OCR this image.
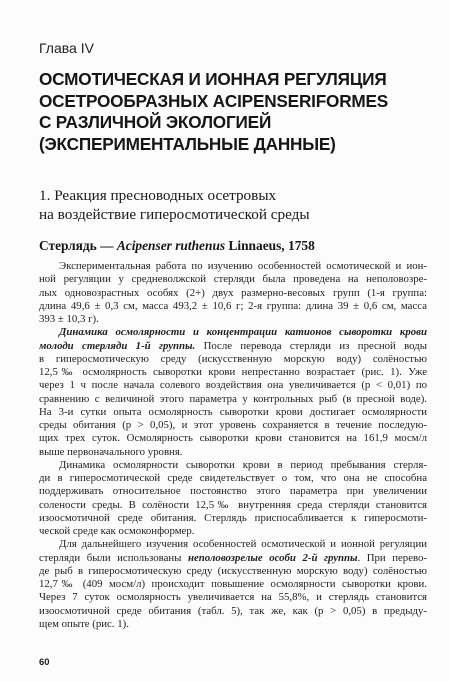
Глава IV
ОСМОТИЧЕСКАЯ И ИОННАЯ РЕГУЛЯЦИЯ
ОСЕТРООБРАЗНЫХ ACIPENSERIFORMES
С РАЗЛИЧНОЙ ЭКОЛОГИЕЙ
(ЭКСПЕРИМЕНТАЛЬНЫЕ ДАННЫЕ)
1. Реакция пресноводных осетровых
на воздействие гиперосмотической среды
Стерлядь — Acipenser ruthenus Linnaeus, 1758
Экспериментальная работа по изучению особенностей осмотической и ион-
ной регуляции у средневолжской стерляди была проведена на неполовозре-
лых одновозрастных особях (2+) двух размерно-весовых групп (1-я группа:
длина 49,6 ± 0,3 см, масса 493,2 ± 10,6 г; 2-я группа: длина 39 ± 0,6 см, масса
393 ± 10,3 г).
Динамика осмолярности и концентрации катионов сыворотки крови
молоди стерляди 1-й группы. После перевода стерляди из пресной воды
в гиперосмотическую среду (искусственную морскую воду) солёностью
12,5‰ осмолярность сыворотки крови непрестанно возрастает (рис. 1). Уже
через 1 ч после начала солевого воздействия она увеличивается (p < 0,01) по
сравнению с величиной этого параметра у контрольных рыб (в пресной воде).
На 3-и сутки опыта осмолярность сыворотки крови достигает осмолярности
среды обитания (p > 0,05), и этот уровень сохраняется в течение последую-
щих трех суток. Осмолярность сыворотки крови становится на 161,9 мосм/л
выше первоначального уровня.
Динамика осмолярности сыворотки крови в период пребывания стерля-
ди в гиперосмотической среде свидетельствует о том, что она не способна
поддерживать относительное постоянство этого параметра при увеличении
солености среды. В солёности 12,5‰ внутренняя среда стерляди становится
изоосмотичной среде обитания. Стерлядь приспосабливается к гиперосмоти-
ческой среде как осмоконформер.
Для дальнейшего изучения особенностей осмотической и ионной регуляции
стерляди были использованы неполовозрелые особи 2-й группы. При перево-
де рыб в гиперосмотическую среду (искусственную морскую воду) солёностью
12,7‰ (409 мосм/л) происходит повышение осмолярности сыворотки крови.
Через 7 суток осмолярность увеличивается на 55,8%, и стерлядь становится
изоосмотичной среде обитания (табл. 5), так же, как (p > 0,05) в предыду-
щем опыте (рис. 1).
60
